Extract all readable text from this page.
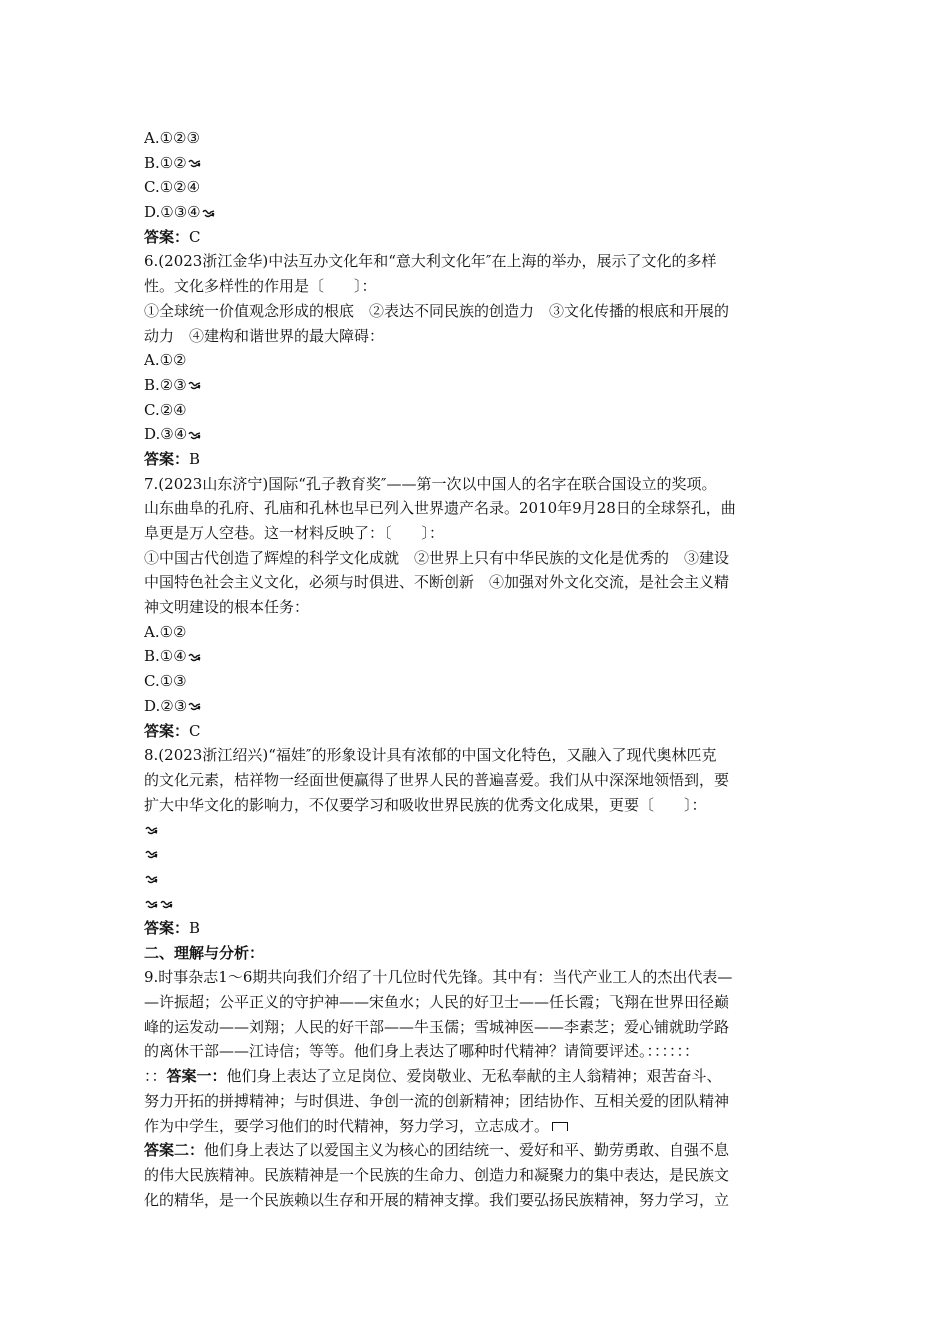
A.①②③
B.①②
C.①②④
D.①③④
答案：C
6.(2023浙江金华)中法互办文化年和“意大利文化年″在上海的举办，展示了文化的多样
性。文化多样性的作用是〔　　〕：
①全球统一价值观念形成的根底　②表达不同民族的创造力　③文化传播的根底和开展的
动力　④建构和谐世界的最大障碍：
A.①②
B.②③
C.②④
D.③④
答案：B
7.(2023山东济宁)国际“孔子教育奖″——第一次以中国人的名字在联合国设立的奖项。
山东曲阜的孔府、孔庙和孔林也早已列入世界遗产名录。2010年9月28日的全球祭孔，曲
阜更是万人空巷。这一材料反映了：〔　　〕：
①中国古代创造了辉煌的科学文化成就　②世界上只有中华民族的文化是优秀的　③建设
中国特色社会主义文化，必须与时俱进、不断创新　④加强对外文化交流，是社会主义精
神文明建设的根本任务：
A.①②
B.①④
C.①③
D.②③
答案：C
8.(2023浙江绍兴)“福娃″的形象设计具有浓郁的中国文化特色，又融入了现代奥林匹克
的文化元素，桔祥物一经面世便赢得了世界人民的普遍喜爱。我们从中深深地领悟到，要
扩大中华文化的影响力，不仅要学习和吸收世界民族的优秀文化成果，更要〔　　〕：
答案：B
二、理解与分析：
9.时事杂志1～6期共向我们介绍了十几位时代先锋。其中有：当代产业工人的杰出代表—
—许振超；公平正义的守护神——宋鱼水；人民的好卫士——任长霞；飞翔在世界田径巅
峰的运发动——刘翔；人民的好干部——牛玉儒；雪城神医——李素芝；爱心铺就助学路
的离休干部——江诗信；等等。他们身上表达了哪种时代精神？请简要评述。：：：：：：
：：答案一：他们身上表达了立足岗位、爱岗敬业、无私奉献的主人翁精神；艰苦奋斗、
努力开拓的拼搏精神；与时俱进、争创一流的创新精神；团结协作、互相关爱的团队精神
作为中学生，要学习他们的时代精神，努力学习，立志成才。
答案二：他们身上表达了以爱国主义为核心的团结统一、爱好和平、勤劳勇敢、自强不息
的伟大民族精神。民族精神是一个民族的生命力、创造力和凝聚力的集中表达，是民族文
化的精华，是一个民族赖以生存和开展的精神支撑。我们要弘扬民族精神，努力学习，立
